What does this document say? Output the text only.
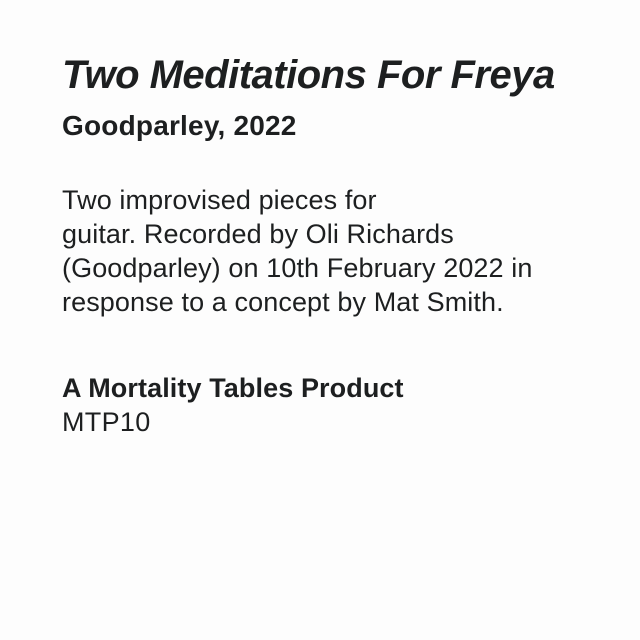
Two Meditations For Freya
Goodparley, 2022
Two improvised pieces for
guitar. Recorded by Oli Richards
(Goodparley) on 10th February 2022 in
response to a concept by Mat Smith.
A Mortality Tables Product
MTP10
